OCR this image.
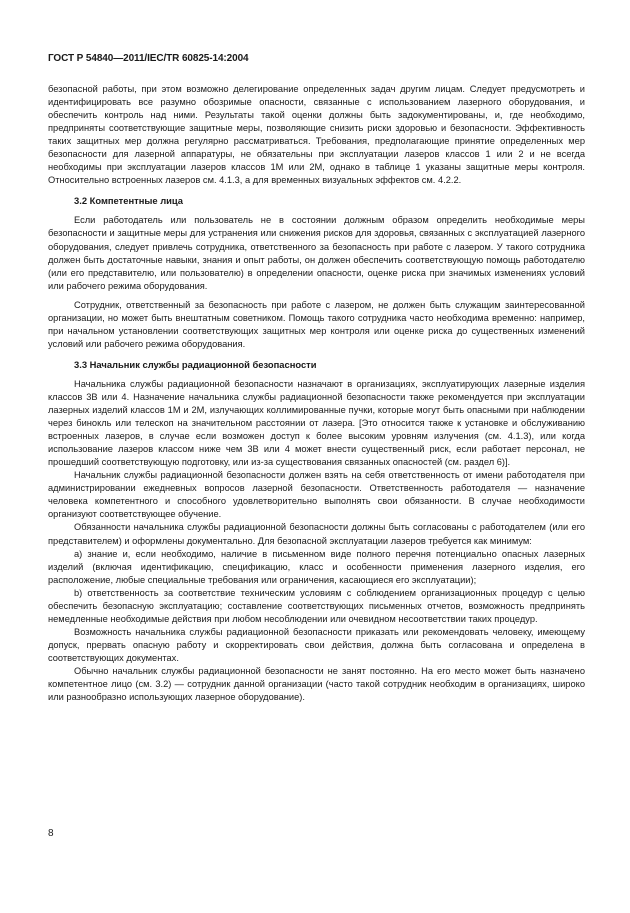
ГОСТ Р 54840—2011/IEC/TR 60825-14:2004

безопасной работы, при этом возможно делегирование определенных задач другим лицам. Следует предусмотреть и идентифицировать все разумно обозримые опасности, связанные с использованием лазерного оборудования, и обеспечить контроль над ними. Результаты такой оценки должны быть задокументированы, и, где необходимо, предприняты соответствующие защитные меры, позволяющие снизить риски здоровью и безопасности. Эффективность таких защитных мер должна регулярно рассматриваться. Требования, предполагающие принятие определенных мер безопасности для лазерной аппаратуры, не обязательны при эксплуатации лазеров классов 1 или 2 и не всегда необходимы при эксплуатации лазеров классов 1М или 2М, однако в таблице 1 указаны защитные меры контроля. Относительно встроенных лазеров см. 4.1.3, а для временных визуальных эффектов см. 4.2.2.

3.2 Компетентные лица

Если работодатель или пользователь не в состоянии должным образом определить необходимые меры безопасности и защитные меры для устранения или снижения рисков для здоровья, связанных с эксплуатацией лазерного оборудования, следует привлечь сотрудника, ответственного за безопасность при работе с лазером. У такого сотрудника должен быть достаточные навыки, знания и опыт работы, он должен обеспечить соответствующую помощь работодателю (или его представителю, или пользователю) в определении опасности, оценке риска при значимых изменениях условий или рабочего режима оборудования.

Сотрудник, ответственный за безопасность при работе с лазером, не должен быть служащим заинтересованной организации, но может быть внештатным советником. Помощь такого сотрудника часто необходима временно: например, при начальном установлении соответствующих защитных мер контроля или оценке риска до существенных изменений условий или рабочего режима оборудования.

3.3 Начальник службы радиационной безопасности

Начальника службы радиационной безопасности назначают в организациях, эксплуатирующих лазерные изделия классов 3В или 4. Назначение начальника службы радиационной безопасности также рекомендуется при эксплуатации лазерных изделий классов 1М и 2М, излучающих коллимированные пучки, которые могут быть опасными при наблюдении через бинокль или телескоп на значительном расстоянии от лазера. [Это относится также к установке и обслуживанию встроенных лазеров, в случае если возможен доступ к более высоким уровням излучения (см. 4.1.3), или когда использование лазеров классом ниже чем 3В или 4 может внести существенный риск, если работает персонал, не прошедший соответствующую подготовку, или из-за существования связанных опасностей (см. раздел 6)].

Начальник службы радиационной безопасности должен взять на себя ответственность от имени работодателя при администрировании ежедневных вопросов лазерной безопасности. Ответственность работодателя — назначение человека компетентного и способного удовлетворительно выполнять свои обязанности. В случае необходимости организуют соответствующее обучение.

Обязанности начальника службы радиационной безопасности должны быть согласованы с работодателем (или его представителем) и оформлены документально. Для безопасной эксплуатации лазеров требуется как минимум:

а) знание и, если необходимо, наличие в письменном виде полного перечня потенциально опасных лазерных изделий (включая идентификацию, спецификацию, класс и особенности применения лазерного изделия, его расположение, любые специальные требования или ограничения, касающиеся его эксплуатации);

b) ответственность за соответствие техническим условиям с соблюдением организационных процедур с целью обеспечить безопасную эксплуатацию; составление соответствующих письменных отчетов, возможность предпринять немедленные необходимые действия при любом несоблюдении или очевидном несоответствии таких процедур.

Возможность начальника службы радиационной безопасности приказать или рекомендовать человеку, имеющему допуск, прервать опасную работу и скорректировать свои действия, должна быть согласована и определена в соответствующих документах.

Обычно начальник службы радиационной безопасности не занят постоянно. На его место может быть назначено компетентное лицо (см. 3.2) — сотрудник данной организации (часто такой сотрудник необходим в организациях, широко или разнообразно использующих лазерное оборудование).

8
